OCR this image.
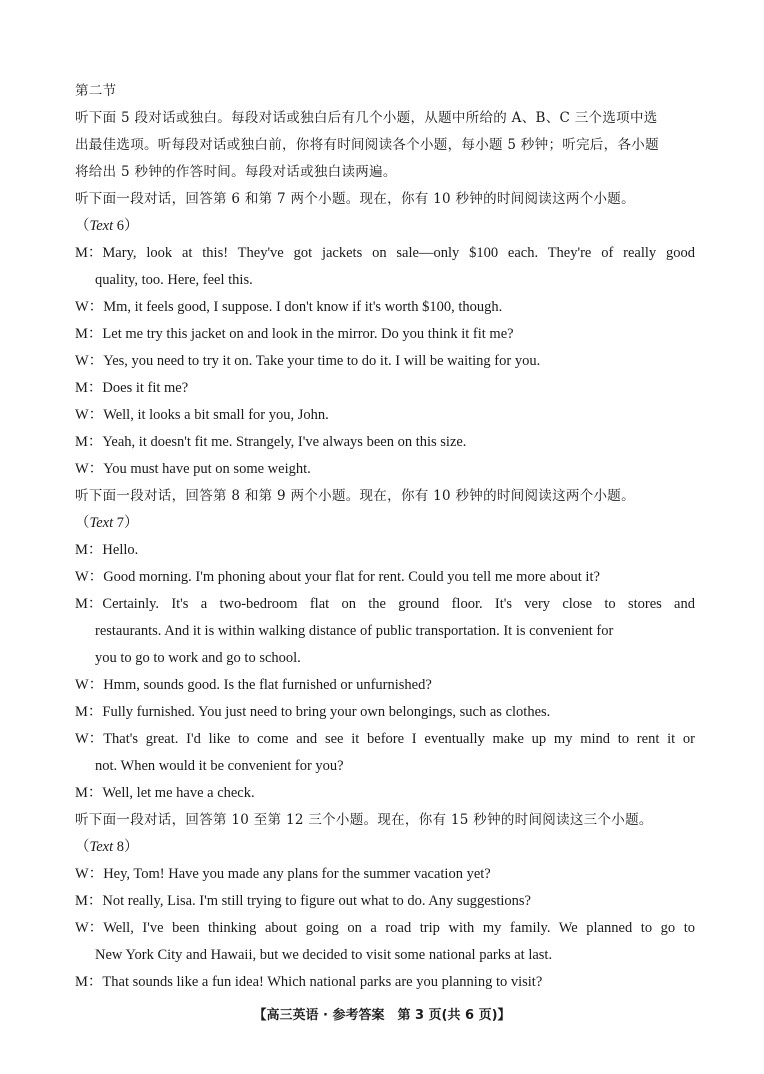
第二节
听下面 5 段对话或独白。每段对话或独白后有几个小题，从题中所给的 A、B、C 三个选项中选
出最佳选项。听每段对话或独白前，你将有时间阅读各个小题，每小题 5 秒钟；听完后，各小题
将给出 5 秒钟的作答时间。每段对话或独白读两遍。
听下面一段对话，回答第 6 和第 7 两个小题。现在，你有 10 秒钟的时间阅读这两个小题。
（Text 6）
M： Mary, look at this! They've got jackets on sale—only $100 each. They're of really good
quality, too. Here, feel this.
W： Mm, it feels good, I suppose. I don't know if it's worth $100, though.
M： Let me try this jacket on and look in the mirror. Do you think it fit me?
W： Yes, you need to try it on. Take your time to do it. I will be waiting for you.
M： Does it fit me?
W： Well, it looks a bit small for you, John.
M： Yeah, it doesn't fit me. Strangely, I've always been on this size.
W： You must have put on some weight.
听下面一段对话，回答第 8 和第 9 两个小题。现在，你有 10 秒钟的时间阅读这两个小题。
（Text 7）
M： Hello.
W： Good morning. I'm phoning about your flat for rent. Could you tell me more about it?
M： Certainly. It's a two-bedroom flat on the ground floor. It's very close to stores and
restaurants. And it is within walking distance of public transportation. It is convenient for
you to go to work and go to school.
W： Hmm, sounds good. Is the flat furnished or unfurnished?
M： Fully furnished. You just need to bring your own belongings, such as clothes.
W： That's great. I'd like to come and see it before I eventually make up my mind to rent it or
not. When would it be convenient for you?
M： Well, let me have a check.
听下面一段对话，回答第 10 至第 12 三个小题。现在，你有 15 秒钟的时间阅读这三个小题。
（Text 8）
W： Hey, Tom! Have you made any plans for the summer vacation yet?
M： Not really, Lisa. I'm still trying to figure out what to do. Any suggestions?
W： Well, I've been thinking about going on a road trip with my family. We planned to go to
New York City and Hawaii, but we decided to visit some national parks at last.
M： That sounds like a fun idea! Which national parks are you planning to visit?
【高三英语 · 参考答案　第 3 页(共 6 页)】
